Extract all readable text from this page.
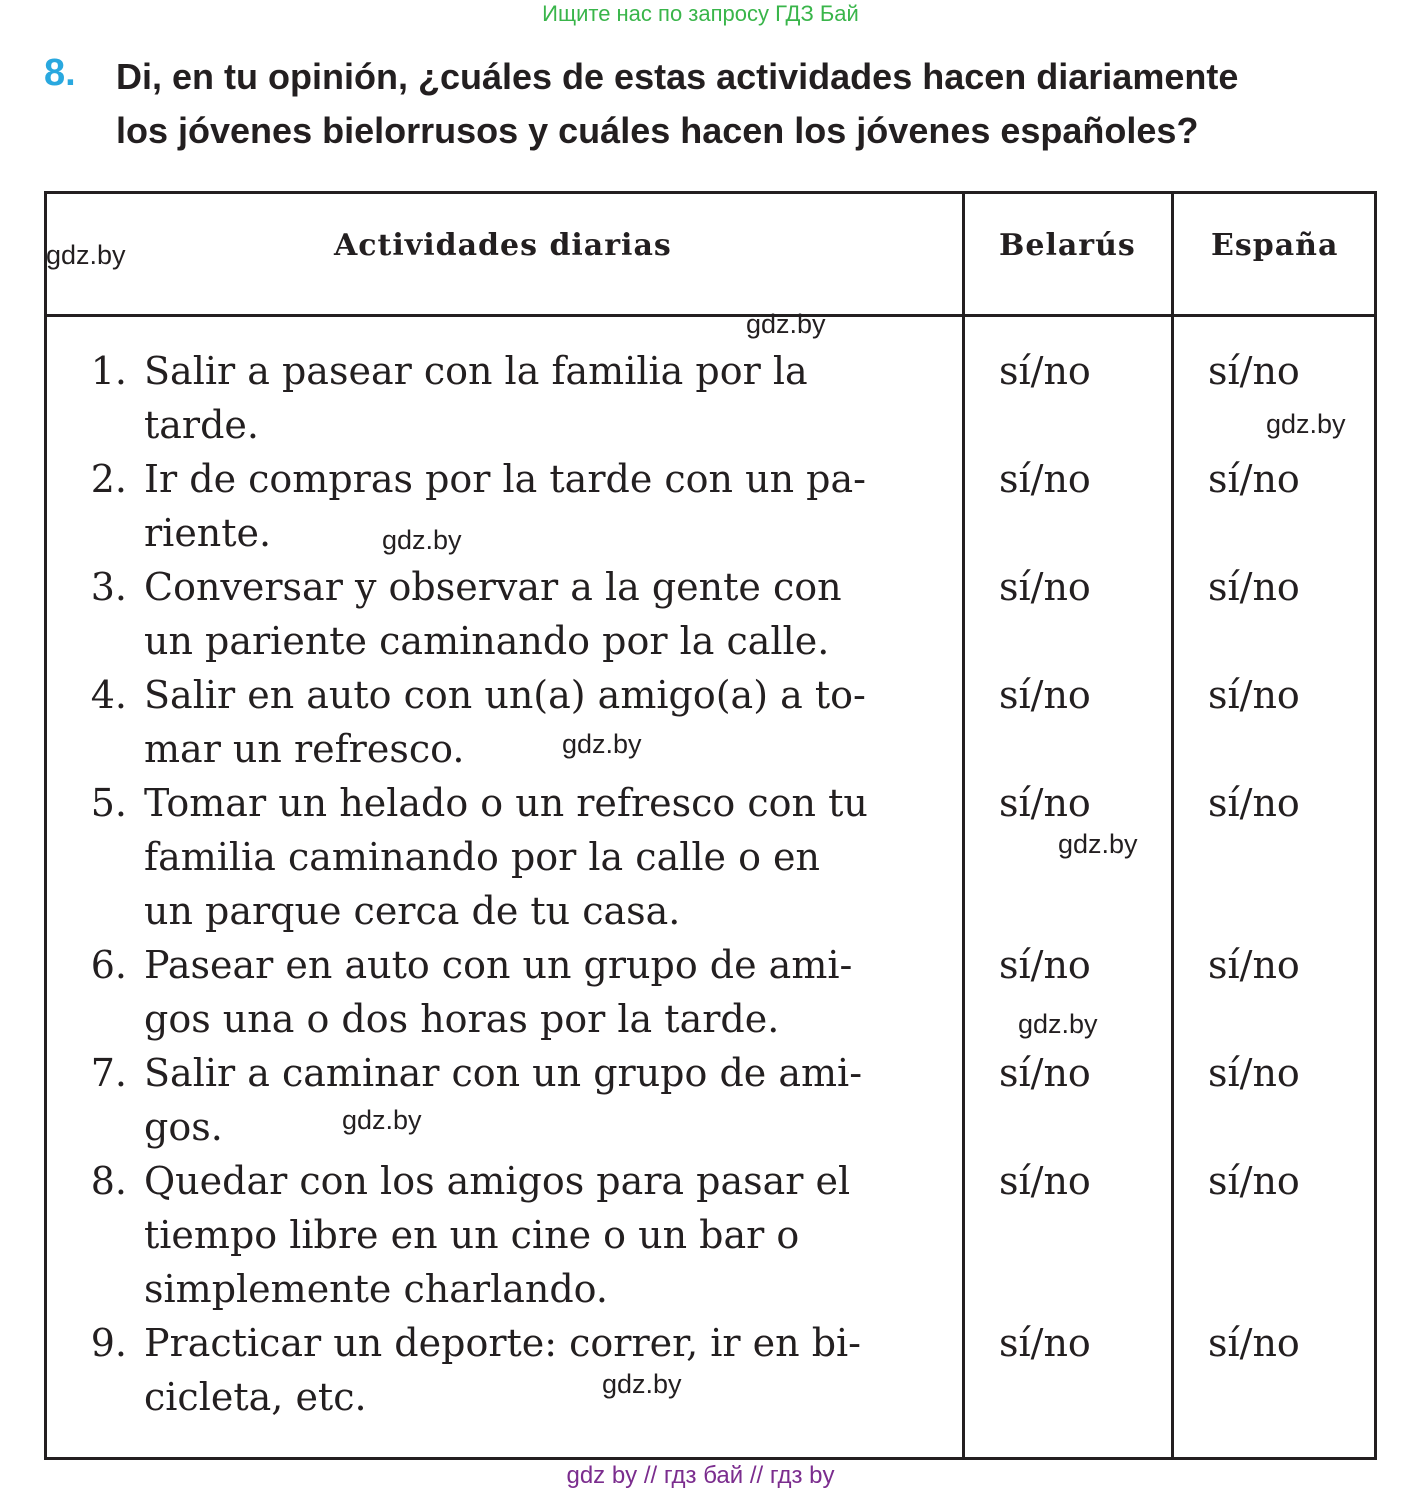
Ищите нас по запросу ГДЗ Бай
8. Di, en tu opinión, ¿cuáles de estas actividades hacen diariamente
los jóvenes bielorrusos y cuáles hacen los jóvenes españoles?
Actividades diarias	Belarús	España
1. Salir a pasear con la familia por la
tarde.
sí/no	sí/no
2. Ir de compras por la tarde con un pa-
riente.
sí/no	sí/no
3. Conversar y observar a la gente con
un pariente caminando por la calle.
sí/no	sí/no
4. Salir en auto con un(a) amigo(a) a to-
mar un refresco.
sí/no	sí/no
5. Tomar un helado o un refresco con tu
familia caminando por la calle o en
un parque cerca de tu casa.
sí/no	sí/no
6. Pasear en auto con un grupo de ami-
gos una o dos horas por la tarde.
sí/no	sí/no
7. Salir a caminar con un grupo de ami-
gos.
sí/no	sí/no
8. Quedar con los amigos para pasar el
tiempo libre en un cine o un bar o
simplemente charlando.
sí/no	sí/no
9. Practicar un deporte: correr, ir en bi-
cicleta, etc.
sí/no	sí/no
gdz.by
gdz.by
gdz.by
gdz.by
gdz.by
gdz.by
gdz.by
gdz.by
gdz.by
gdz by // гдз бай // гдз by
